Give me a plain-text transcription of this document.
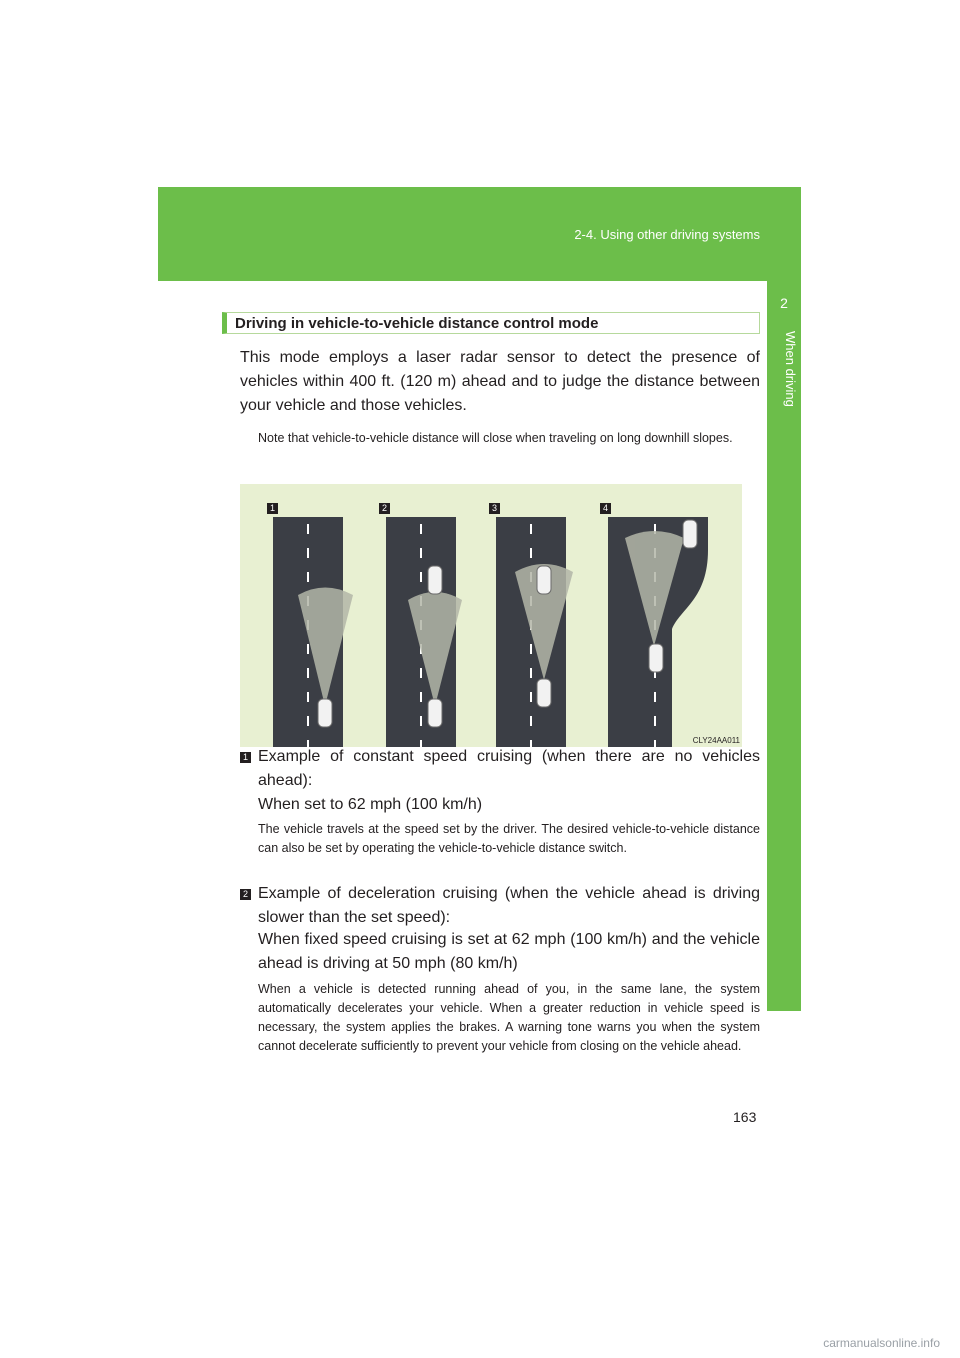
2-4. Using other driving systems
2
When driving
Driving in vehicle-to-vehicle distance control mode
This mode employs a laser radar sensor to detect the presence of vehicles within 400 ft. (120 m) ahead and to judge the distance between your vehicle and those vehicles.
Note that vehicle-to-vehicle distance will close when traveling on long downhill slopes.
1	2	3	4
CLY24AA011
1 Example of constant speed cruising (when there are no vehicles ahead):
When set to 62 mph (100 km/h)
The vehicle travels at the speed set by the driver. The desired vehicle-to-vehicle distance can also be set by operating the vehicle-to-vehicle distance switch.
2 Example of deceleration cruising (when the vehicle ahead is driving slower than the set speed):
When fixed speed cruising is set at 62 mph (100 km/h) and the vehicle ahead is driving at 50 mph (80 km/h)
When a vehicle is detected running ahead of you, in the same lane, the system automatically decelerates your vehicle. When a greater reduction in vehicle speed is necessary, the system applies the brakes. A warning tone warns you when the system cannot decelerate sufficiently to prevent your vehicle from closing on the vehicle ahead.
163
carmanualsonline.info
